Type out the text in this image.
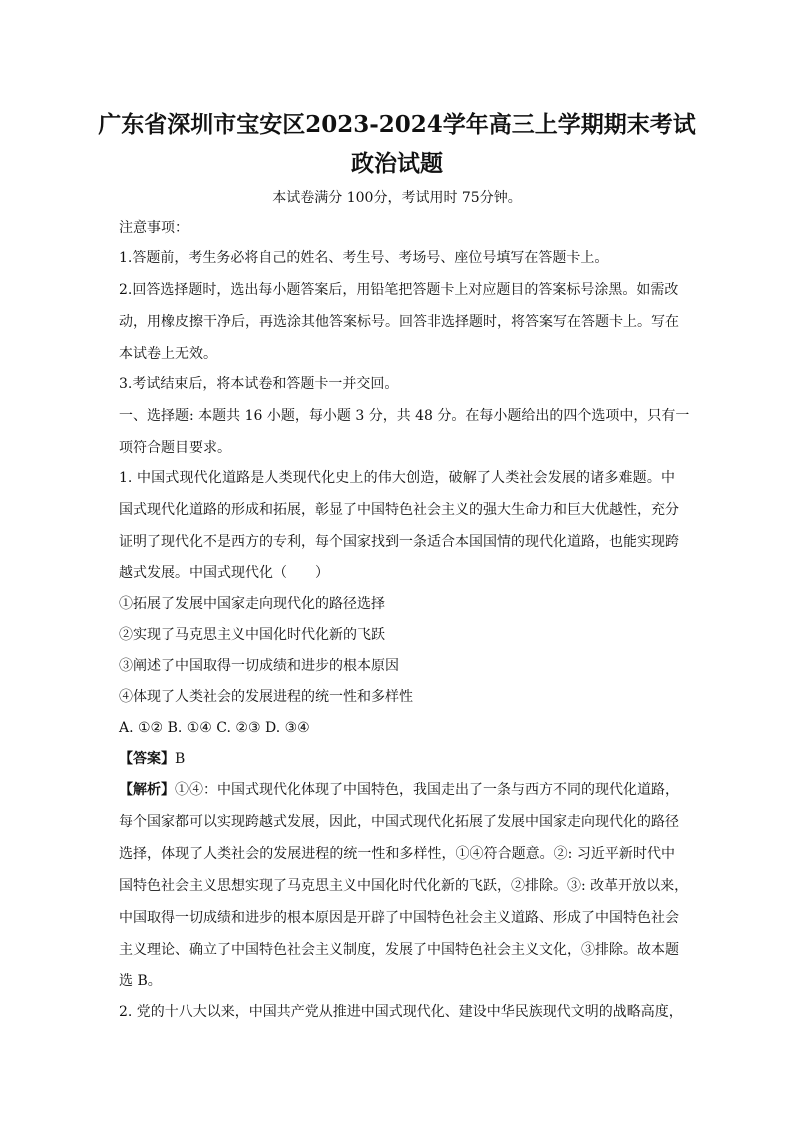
广东省深圳市宝安区2023-2024学年高三上学期期末考试
政治试题
本试卷满分 100分，考试用时 75分钟。
注意事项：
1.答题前，考生务必将自己的姓名、考生号、考场号、座位号填写在答题卡上。
2.回答选择题时，选出每小题答案后，用铅笔把答题卡上对应题目的答案标号涂黑。如需改
动，用橡皮擦干净后，再选涂其他答案标号。回答非选择题时，将答案写在答题卡上。写在
本试卷上无效。
3.考试结束后，将本试卷和答题卡一并交回。
一、选择题: 本题共 16 小题，每小题 3 分，共 48 分。在每小题给出的四个选项中，只有一
项符合题目要求。
1. 中国式现代化道路是人类现代化史上的伟大创造，破解了人类社会发展的诸多难题。中
国式现代化道路的形成和拓展，彰显了中国特色社会主义的强大生命力和巨大优越性，充分
证明了现代化不是西方的专利，每个国家找到一条适合本国国情的现代化道路，也能实现跨
越式发展。中国式现代化（　　）
①拓展了发展中国家走向现代化的路径选择
②实现了马克思主义中国化时代化新的飞跃
③阐述了中国取得一切成绩和进步的根本原因
④体现了人类社会的发展进程的统一性和多样性
A. ①② B. ①④ C. ②③ D. ③④
【答案】B
【解析】①④：中国式现代化体现了中国特色，我国走出了一条与西方不同的现代化道路，
每个国家都可以实现跨越式发展，因此，中国式现代化拓展了发展中国家走向现代化的路径
选择，体现了人类社会的发展进程的统一性和多样性，①④符合题意。②: 习近平新时代中
国特色社会主义思想实现了马克思主义中国化时代化新的飞跃，②排除。③: 改革开放以来，
中国取得一切成绩和进步的根本原因是开辟了中国特色社会主义道路、形成了中国特色社会
主义理论、确立了中国特色社会主义制度，发展了中国特色社会主义文化，③排除。故本题
选 B。
2. 党的十八大以来，中国共产党从推进中国式现代化、建设中华民族现代文明的战略高度，
